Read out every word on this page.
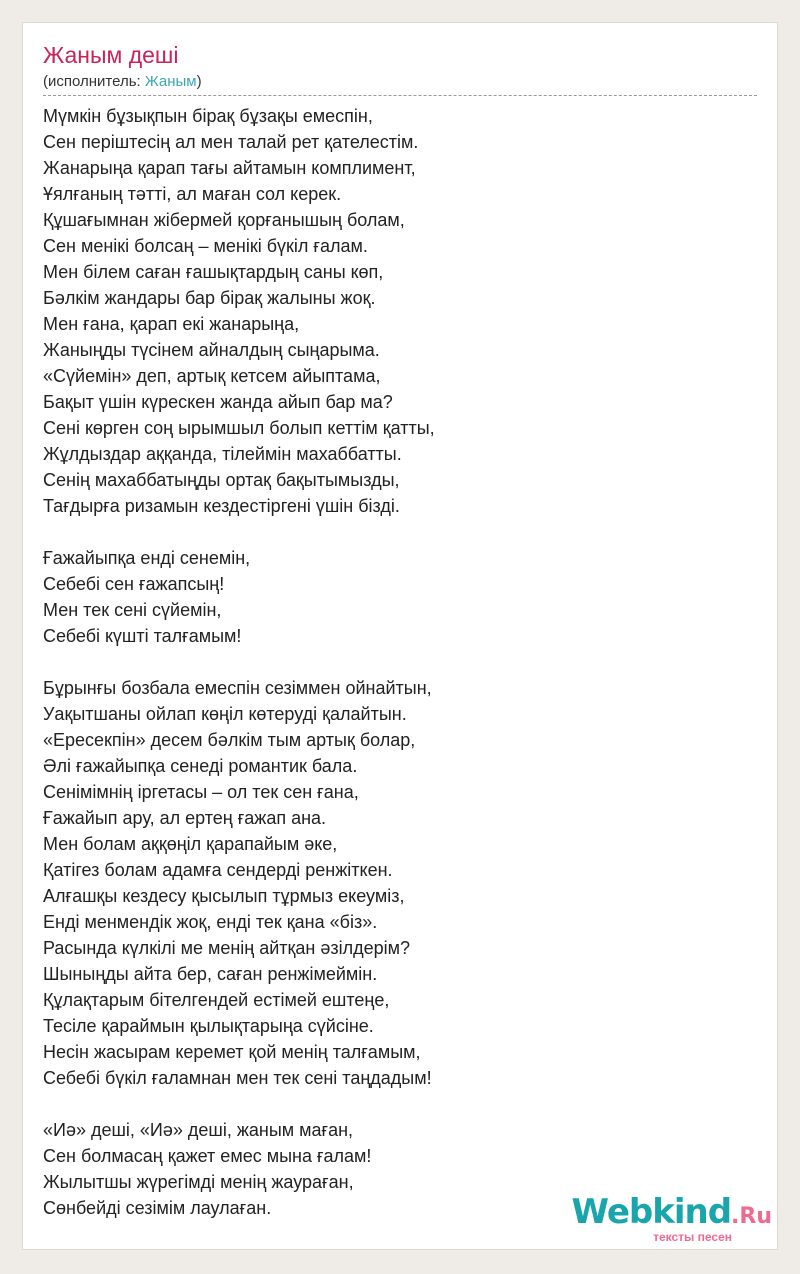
Жаным деші
(исполнитель: Жаным)
Мүмкін бұзықпын бірақ бұзақы емеспін,
Сен періштесің ал мен талай рет қателестім.
Жанарыңа қарап тағы айтамын комплимент,
Ұялғаның тәтті, ал маған сол керек.
Құшағымнан жібермей қорғанышың болам,
Сен менікі болсаң – менікі бүкіл ғалам.
Мен білем саған ғашықтардың саны көп,
Бәлкім жандары бар бірақ жалыны жоқ.
Мен ғана, қарап екі жанарыңа,
Жаныңды түсінем айналдың сыңарыма.
«Сүйемін» деп, артық кетсем айыптама,
Бақыт үшін күрескен жанда айып бар ма?
Сені көрген соң ырымшыл болып кеттім қатты,
Жұлдыздар аққанда, тілеймін махаббатты.
Сенің махаббатыңды ортақ бақытымызды,
Тағдырға ризамын кездестіргені үшін бізді.
Ғажайыпқа енді сенемін,
Себебі сен ғажапсың!
Мен тек сені сүйемін,
Себебі күшті талғамым!
Бұрынғы бозбала емеспін сезіммен ойнайтын,
Уақытшаны ойлап көңіл көтеруді қалайтын.
«Ересекпін» десем бәлкім тым артық болар,
Әлі ғажайыпқа сенеді романтик бала.
Сенімімнің іргетасы – ол тек сен ғана,
Ғажайып ару, ал ертең ғажап ана.
Мен болам аққөңіл қарапайым әке,
Қатігез болам адамға сендерді ренжіткен.
Алғашқы кездесу қысылып тұрмыз екеуміз,
Енді менмендік жоқ, енді тек қана «біз».
Расында күлкілі ме менің айтқан әзілдерім?
Шыныңды айта бер, саған ренжімеймін.
Құлақтарым бітелгендей естімей ештеңе,
Тесіле қараймын қылықтарыңа сүйсіне.
Несін жасырам керемет қой менің талғамым,
Себебі бүкіл ғаламнан мен тек сені таңдадым!
«Иә» деші, «Иә» деші, жаным маған,
Сен болмасаң қажет емес мына ғалам!
Жылытшы жүрегімді менің жаураған,
Сөнбейді сезімім лаулаған.	Webkind.Ru
тексты песен
